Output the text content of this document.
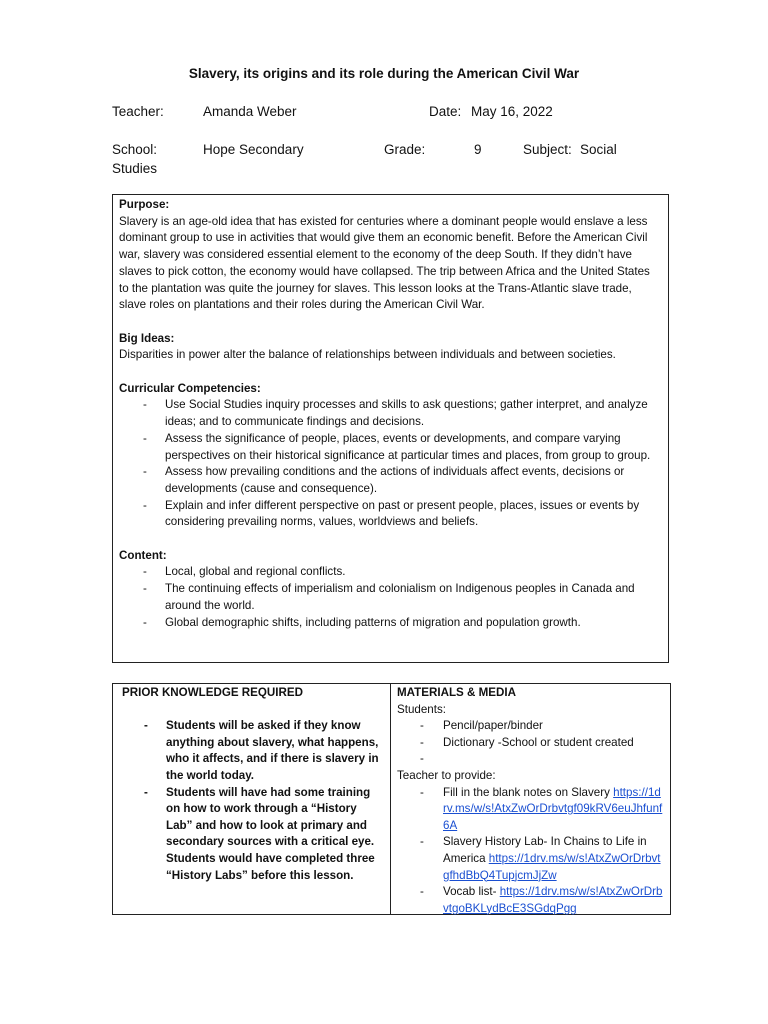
Slavery, its origins and its role during the American Civil War
Teacher:	Amanda Weber	Date: May 16, 2022
School:	Hope Secondary	Grade:	9	Subject: Social
Studies

Purpose:

Slavery is an age-old idea that has existed for centuries where a dominant people would enslave a less dominant group to use in activities that would give them an economic benefit. Before the American Civil war, slavery was considered essential element to the economy of the deep South. If they didn’t have slaves to pick cotton, the economy would have collapsed. The trip between Africa and the United States to the plantation was quite the journey for slaves. This lesson looks at the Trans-Atlantic slave trade, slave roles on plantations and their roles during the American Civil War.

Big Ideas:

Disparities in power alter the balance of relationships between individuals and between societies.

Curricular Competencies:

- Use Social Studies inquiry processes and skills to ask questions; gather interpret, and analyze ideas; and to communicate findings and decisions.
- Assess the significance of people, places, events or developments, and compare varying perspectives on their historical significance at particular times and places, from group to group.
- Assess how prevailing conditions and the actions of individuals affect events, decisions or developments (cause and consequence).
- Explain and infer different perspective on past or present people, places, issues or events by considering prevailing norms, values, worldviews and beliefs.

Content:

- Local, global and regional conflicts.
- The continuing effects of imperialism and colonialism on Indigenous peoples in Canada and around the world.
- Global demographic shifts, including patterns of migration and population growth.
PRIOR KNOWLEDGE REQUIRED
- Students will be asked if they know anything about slavery, what happens, who it affects, and if there is slavery in the world today.
- Students will have had some training on how to work through a “History Lab” and how to look at primary and secondary sources with a critical eye. Students would have completed three “History Labs” before this lesson.
MATERIALS & MEDIA
Students:
- Pencil/paper/binder
- Dictionary -School or student created
-

Teacher to provide:
- Fill in the blank notes on Slavery https://1drv.ms/w/s!AtxZwOrDrbvtgf09kRV6euJhfunf6A
- Slavery History Lab- In Chains to Life in America https://1drv.ms/w/s!AtxZwOrDrbvtgfhdBbQ4TupjcmJjZw
- Vocab list- https://1drv.ms/w/s!AtxZwOrDrbvtgoBKLydBcE3SGdqPgg
